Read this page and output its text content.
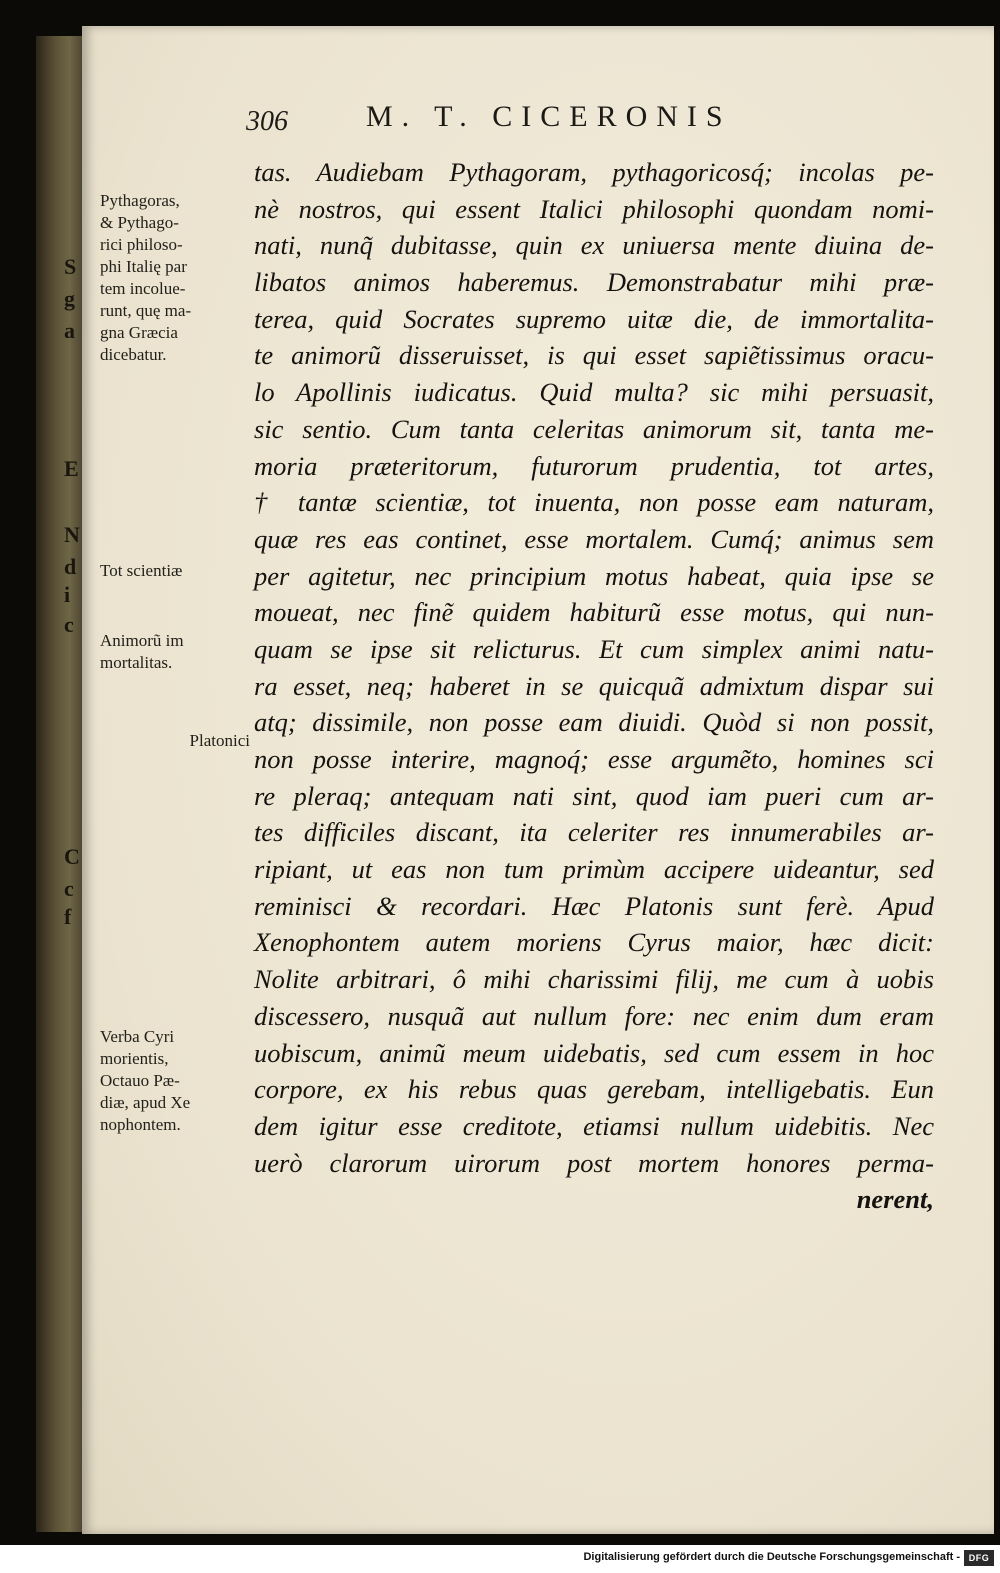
S
g
a
E
N
d
i
c
C
c
f
306	M. T. CICERONIS
Pythagoras,
& Pythago-
rici philoso-
phi Italię par
tem incolue-
runt, quę ma-
gna Græcia
dicebatur.
Tot scientiæ
Animorũ im
mortalitas.
Platonici
Verba Cyri
morientis,
Octauo Pæ-
diæ, apud Xe
nophontem.
tas. Audiebam Pythagoram, pythagoricosq́; incolas pe-
nè nostros, qui essent Italici philosophi quondam nomi-
nati, nunq̃ dubitasse, quin ex uniuersa mente diuina de-
libatos animos haberemus. Demonstrabatur mihi præ-
terea, quid Socrates supremo uitæ die, de immortalita-
te animorũ disseruisset, is qui esset sapiẽtissimus oracu-
lo Apollinis iudicatus. Quid multa? sic mihi persuasit,
sic sentio. Cum tanta celeritas animorum sit, tanta me-
moria præteritorum, futurorum prudentia, tot artes,
† tantæ scientiæ, tot inuenta, non posse eam naturam,
quæ res eas continet, esse mortalem. Cumq́; animus sem
per agitetur, nec principium motus habeat, quia ipse se
moueat, nec finẽ quidem habiturũ esse motus, qui nun-
quam se ipse sit relicturus. Et cum simplex animi natu-
ra esset, neq; haberet in se quicquã admixtum dispar sui
atq; dissimile, non posse eam diuidi. Quòd si non possit,
non posse interire, magnoq́; esse argumẽto, homines sci
re pleraq; antequam nati sint, quod iam pueri cum ar-
tes difficiles discant, ita celeriter res innumerabiles ar-
ripiant, ut eas non tum primùm accipere uideantur, sed
reminisci & recordari. Hæc Platonis sunt ferè. Apud
Xenophontem autem moriens Cyrus maior, hæc dicit:
Nolite arbitrari, ô mihi charissimi filij, me cum à uobis
discessero, nusquã aut nullum fore: nec enim dum eram
uobiscum, animũ meum uidebatis, sed cum essem in hoc
corpore, ex his rebus quas gerebam, intelligebatis. Eun
dem igitur esse creditote, etiamsi nullum uidebitis. Nec
uerò clarorum uirorum post mortem honores perma-
nerent,
Digitalisierung gefördert durch die Deutsche Forschungsgemeinschaft - DFG
